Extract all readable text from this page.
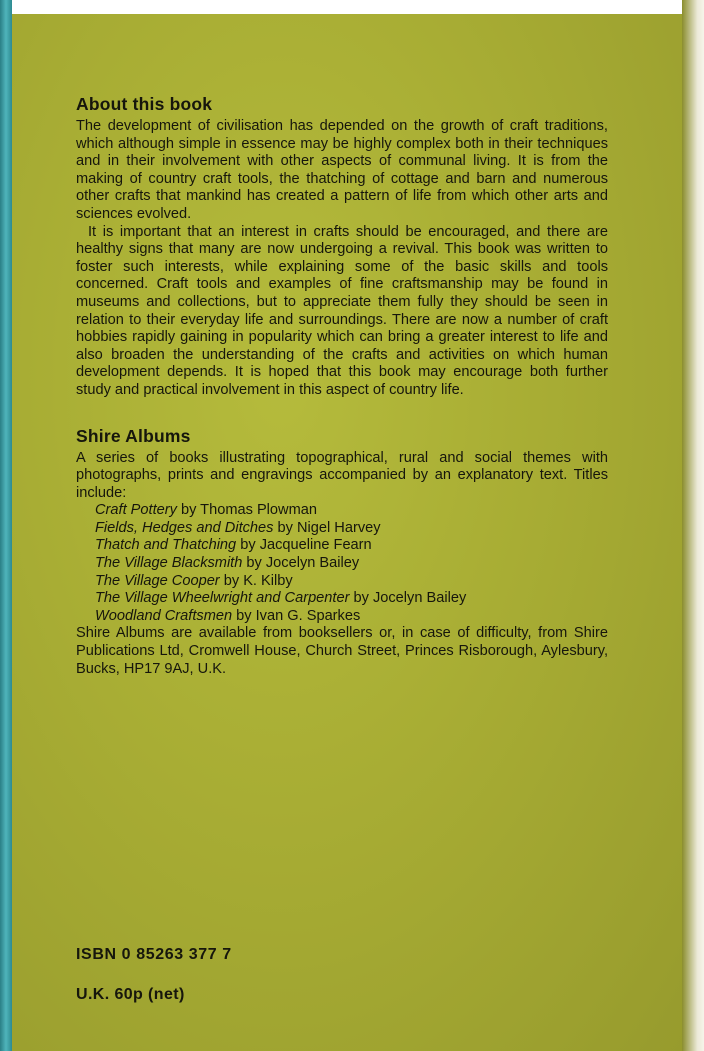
About this book

The development of civilisation has depended on the growth of craft traditions, which although simple in essence may be highly complex both in their techniques and in their involvement with other aspects of communal living. It is from the making of country craft tools, the thatching of cottage and barn and numerous other crafts that mankind has created a pattern of life from which other arts and sciences evolved.

It is important that an interest in crafts should be encouraged, and there are healthy signs that many are now undergoing a revival. This book was written to foster such interests, while explaining some of the basic skills and tools concerned. Craft tools and examples of fine craftsmanship may be found in museums and collections, but to appreciate them fully they should be seen in relation to their everyday life and surroundings. There are now a number of craft hobbies rapidly gaining in popularity which can bring a greater interest to life and also broaden the understanding of the crafts and activities on which human development depends. It is hoped that this book may encourage both further study and practical involvement in this aspect of country life.

Shire Albums

A series of books illustrating topographical, rural and social themes with photographs, prints and engravings accompanied by an explanatory text. Titles include:

Craft Pottery by Thomas Plowman
Fields, Hedges and Ditches by Nigel Harvey
Thatch and Thatching by Jacqueline Fearn
The Village Blacksmith by Jocelyn Bailey
The Village Cooper by K. Kilby
The Village Wheelwright and Carpenter by Jocelyn Bailey
Woodland Craftsmen by Ivan G. Sparkes

Shire Albums are available from booksellers or, in case of difficulty, from Shire Publications Ltd, Cromwell House, Church Street, Princes Risborough, Aylesbury, Bucks, HP17 9AJ, U.K.

ISBN 0 85263 377 7
U.K. 60p (net)
